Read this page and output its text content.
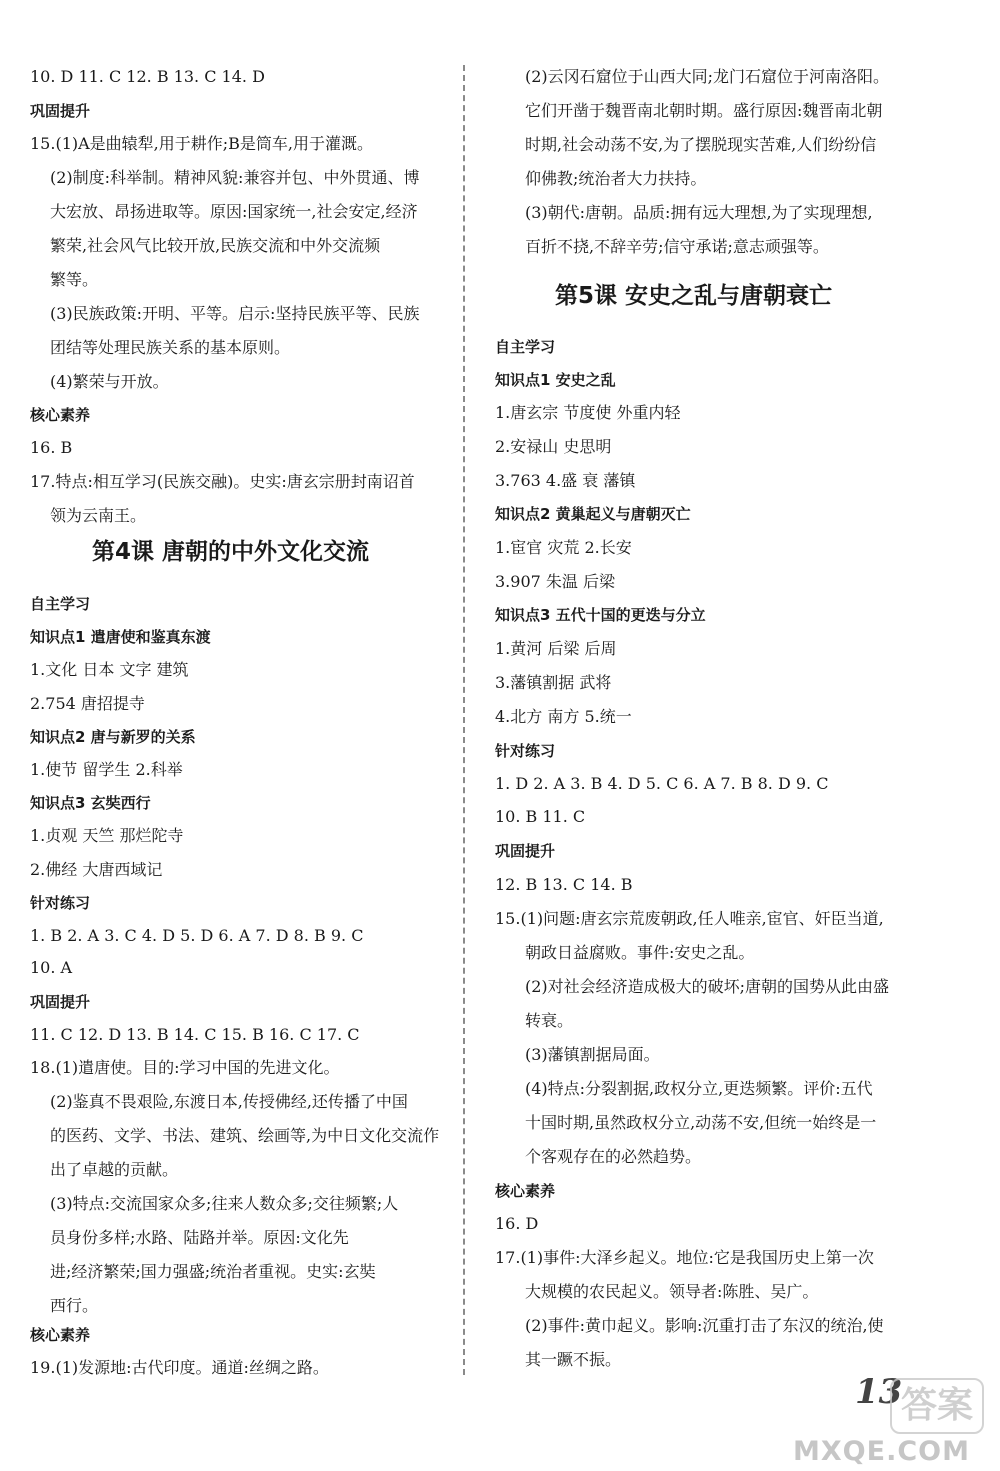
10. D 11. C 12. B 13. C 14. D
巩固提升
15.(1)A是曲辕犁,用于耕作;B是筒车,用于灌溉。
(2)制度:科举制。精神风貌:兼容并包、中外贯通、博
大宏放、昂扬进取等。原因:国家统一,社会安定,经济
繁荣,社会风气比较开放,民族交流和中外交流频
繁等。
(3)民族政策:开明、平等。启示:坚持民族平等、民族
团结等处理民族关系的基本原则。
(4)繁荣与开放。
核心素养
16. B
17.特点:相互学习(民族交融)。史实:唐玄宗册封南诏首
领为云南王。
自主学习
知识点1 遣唐使和鉴真东渡
1.文化 日本 文字 建筑
2.754 唐招提寺
知识点2 唐与新罗的关系
1.使节 留学生 2.科举
知识点3 玄奘西行
1.贞观 天竺 那烂陀寺
2.佛经 大唐西域记
针对练习
1. B 2. A 3. C 4. D 5. D 6. A 7. D 8. B 9. C
10. A
巩固提升
11. C 12. D 13. B 14. C 15. B 16. C 17. C
18.(1)遣唐使。目的:学习中国的先进文化。
(2)鉴真不畏艰险,东渡日本,传授佛经,还传播了中国
的医药、文学、书法、建筑、绘画等,为中日文化交流作
出了卓越的贡献。
(3)特点:交流国家众多;往来人数众多;交往频繁;人
员身份多样;水路、陆路并举。原因:文化先
进;经济繁荣;国力强盛;统治者重视。史实:玄奘
西行。
核心素养
19.(1)发源地:古代印度。通道:丝绸之路。
(2)云冈石窟位于山西大同;龙门石窟位于河南洛阳。
它们开凿于魏晋南北朝时期。盛行原因:魏晋南北朝
时期,社会动荡不安,为了摆脱现实苦难,人们纷纷信
仰佛教;统治者大力扶持。
(3)朝代:唐朝。品质:拥有远大理想,为了实现理想,
百折不挠,不辞辛劳;信守承诺;意志顽强等。
自主学习
知识点1 安史之乱
1.唐玄宗 节度使 外重内轻
2.安禄山 史思明
3.763 4.盛 衰 藩镇
知识点2 黄巢起义与唐朝灭亡
1.宦官 灾荒 2.长安
3.907 朱温 后梁
知识点3 五代十国的更迭与分立
1.黄河 后梁 后周
3.藩镇割据 武将
4.北方 南方 5.统一
针对练习
1. D 2. A 3. B 4. D 5. C 6. A 7. B 8. D 9. C
10. B 11. C
巩固提升
12. B 13. C 14. B
15.(1)问题:唐玄宗荒废朝政,任人唯亲,宦官、奸臣当道,
朝政日益腐败。事件:安史之乱。
(2)对社会经济造成极大的破坏;唐朝的国势从此由盛
转衰。
(3)藩镇割据局面。
(4)特点:分裂割据,政权分立,更迭频繁。评价:五代
十国时期,虽然政权分立,动荡不安,但统一始终是一
个客观存在的必然趋势。
核心素养
16. D
17.(1)事件:大泽乡起义。地位:它是我国历史上第一次
大规模的农民起义。领导者:陈胜、吴广。
(2)事件:黄巾起义。影响:沉重打击了东汉的统治,使
其一蹶不振。
第4课 唐朝的中外文化交流
第5课 安史之乱与唐朝衰亡
13
答案
MXQE.COM
